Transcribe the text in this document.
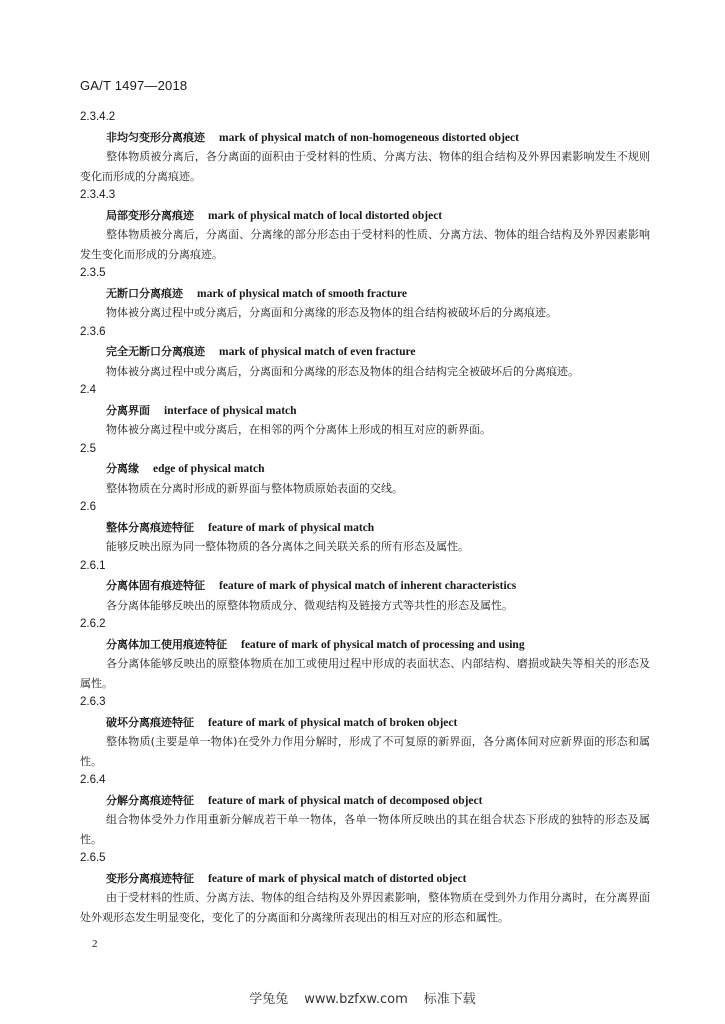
GA/T 1497—2018
2.3.4.2
非均匀变形分离痕迹 mark of physical match of non-homogeneous distorted object
整体物质被分离后，各分离面的面积由于受材料的性质、分离方法、物体的组合结构及外界因素影响发生不规则变化而形成的分离痕迹。
2.3.4.3
局部变形分离痕迹 mark of physical match of local distorted object
整体物质被分离后，分离面、分离缘的部分形态由于受材料的性质、分离方法、物体的组合结构及外界因素影响发生变化而形成的分离痕迹。
2.3.5
无断口分离痕迹 mark of physical match of smooth fracture
物体被分离过程中或分离后，分离面和分离缘的形态及物体的组合结构被破坏后的分离痕迹。
2.3.6
完全无断口分离痕迹 mark of physical match of even fracture
物体被分离过程中或分离后，分离面和分离缘的形态及物体的组合结构完全被破坏后的分离痕迹。
2.4
分离界面 interface of physical match
物体被分离过程中或分离后，在相邻的两个分离体上形成的相互对应的新界面。
2.5
分离缘 edge of physical match
整体物质在分离时形成的新界面与整体物质原始表面的交线。
2.6
整体分离痕迹特征 feature of mark of physical match
能够反映出原为同一整体物质的各分离体之间关联关系的所有形态及属性。
2.6.1
分离体固有痕迹特征 feature of mark of physical match of inherent characteristics
各分离体能够反映出的原整体物质成分、微观结构及链接方式等共性的形态及属性。
2.6.2
分离体加工使用痕迹特征 feature of mark of physical match of processing and using
各分离体能够反映出的原整体物质在加工或使用过程中形成的表面状态、内部结构、磨损或缺失等相关的形态及属性。
2.6.3
破坏分离痕迹特征 feature of mark of physical match of broken object
整体物质(主要是单一物体)在受外力作用分解时，形成了不可复原的新界面，各分离体间对应新界面的形态和属性。
2.6.4
分解分离痕迹特征 feature of mark of physical match of decomposed object
组合物体受外力作用重新分解成若干单一物体，各单一物体所反映出的其在组合状态下形成的独特的形态及属性。
2.6.5
变形分离痕迹特征 feature of mark of physical match of distorted object
由于受材料的性质、分离方法、物体的组合结构及外界因素影响，整体物质在受到外力作用分离时，在分离界面处外观形态发生明显变化，变化了的分离面和分离缘所表现出的相互对应的形态和属性。
2
学兔兔 www.bzfxw.com 标准下载
